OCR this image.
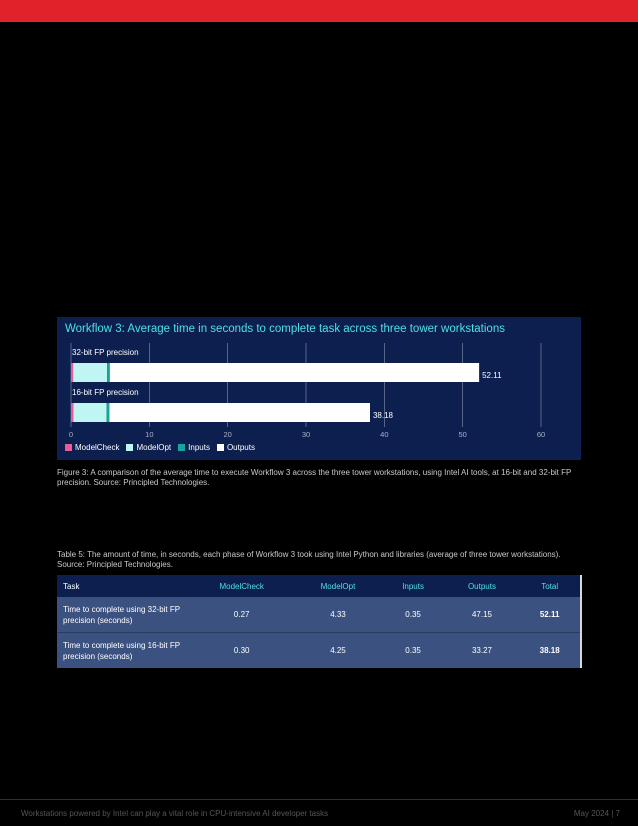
Workflow 3: Average time in seconds to complete task across three tower workstations
0	10	20	30	40	50	60
32-bit FP precision
52.11
16-bit FP precision
38.18
ModelCheck ModelOpt Inputs Outputs
Figure 3: A comparison of the average time to execute Workflow 3 across the three tower workstations, using Intel AI tools, at 16-bit and 32-bit FP precision. Source: Principled Technologies.
Table 5: The amount of time, in seconds, each phase of Workflow 3 took using Intel Python and libraries (average of three tower workstations). Source: Principled Technologies.
Task	ModelCheck	ModelOpt	Inputs	Outputs	Total
Time to complete using 32-bit FP precision (seconds)	0.27	4.33	0.35	47.15	52.11
Time to complete using 16-bit FP precision (seconds)	0.30	4.25	0.35	33.27	38.18
Workstations powered by Intel can play a vital role in CPU-intensive AI developer tasks	May 2024 | 7
